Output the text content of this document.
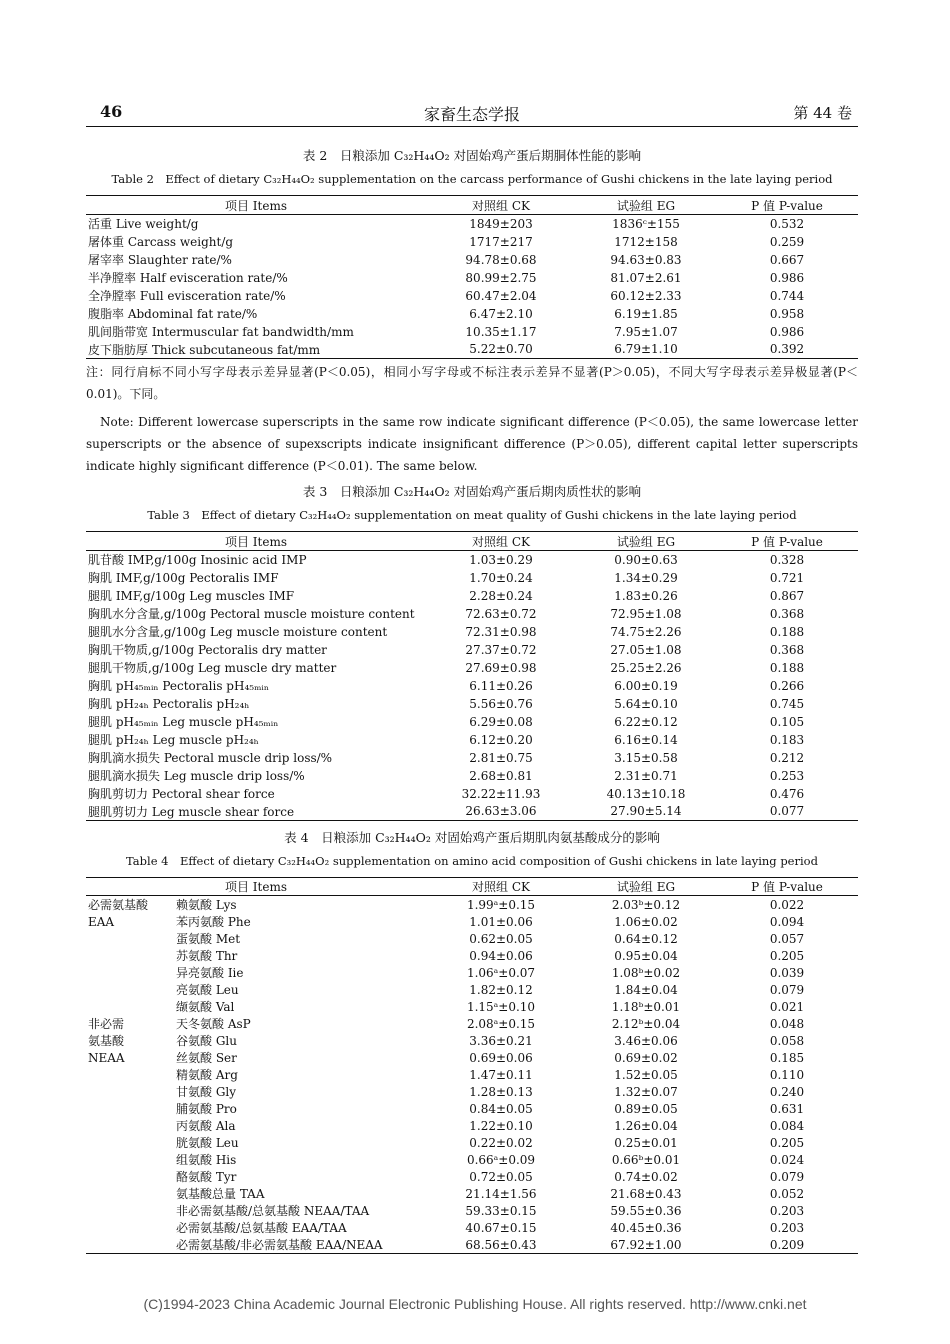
46	家畜生态学报	第 44 卷
表 2　日粮添加 C₃₂H₄₄O₂ 对固始鸡产蛋后期胴体性能的影响
Table 2　Effect of dietary C₃₂H₄₄O₂ supplementation on the carcass performance of Gushi chickens in the late laying period
项目 Items	对照组 CK	试验组 EG	P 值 P-value
活重 Live weight/g	1849±203	1836ᶜ±155	0.532
屠体重 Carcass weight/g	1717±217	1712±158	0.259
屠宰率 Slaughter rate/%	94.78±0.68	94.63±0.83	0.667
半净膛率 Half evisceration rate/%	80.99±2.75	81.07±2.61	0.986
全净膛率 Full evisceration rate/%	60.47±2.04	60.12±2.33	0.744
腹脂率 Abdominal fat rate/%	6.47±2.10	6.19±1.85	0.958
肌间脂带宽 Intermuscular fat bandwidth/mm	10.35±1.17	7.95±1.07	0.986
皮下脂肪厚 Thick subcutaneous fat/mm	5.22±0.70	6.79±1.10	0.392

注：同行肩标不同小写字母表示差异显著(P＜0.05)，相同小写字母或不标注表示差异不显著(P＞0.05)，不同大写字母表示差异极显著(P＜0.01)。下同。

Note: Different lowercase superscripts in the same row indicate significant difference (P＜0.05), the same lowercase letter superscripts or the absence of supexscripts indicate insignificant difference (P＞0.05), different capital letter superscripts indicate highly significant difference (P＜0.01). The same below.

表 3　日粮添加 C₃₂H₄₄O₂ 对固始鸡产蛋后期肉质性状的影响
Table 3　Effect of dietary C₃₂H₄₄O₂ supplementation on meat quality of Gushi chickens in the late laying period
项目 Items	对照组 CK	试验组 EG	P 值 P-value
肌苷酸 IMP,g/100g Inosinic acid IMP	1.03±0.29	0.90±0.63	0.328
胸肌 IMF,g/100g Pectoralis IMF	1.70±0.24	1.34±0.29	0.721
腿肌 IMF,g/100g Leg muscles IMF	2.28±0.24	1.83±0.26	0.867
胸肌水分含量,g/100g Pectoral muscle moisture content	72.63±0.72	72.95±1.08	0.368
腿肌水分含量,g/100g Leg muscle moisture content	72.31±0.98	74.75±2.26	0.188
胸肌干物质,g/100g Pectoralis dry matter	27.37±0.72	27.05±1.08	0.368
腿肌干物质,g/100g Leg muscle dry matter	27.69±0.98	25.25±2.26	0.188
胸肌 pH₄₅ₘᵢₙ Pectoralis pH₄₅ₘᵢₙ	6.11±0.26	6.00±0.19	0.266
胸肌 pH₂₄ₕ Pectoralis pH₂₄ₕ	5.56±0.76	5.64±0.10	0.745
腿肌 pH₄₅ₘᵢₙ Leg muscle pH₄₅ₘᵢₙ	6.29±0.08	6.22±0.12	0.105
腿肌 pH₂₄ₕ Leg muscle pH₂₄ₕ	6.12±0.20	6.16±0.14	0.183
胸肌滴水损失 Pectoral muscle drip loss/%	2.81±0.75	3.15±0.58	0.212
腿肌滴水损失 Leg muscle drip loss/%	2.68±0.81	2.31±0.71	0.253
胸肌剪切力 Pectoral shear force	32.22±11.93	40.13±10.18	0.476
腿肌剪切力 Leg muscle shear force	26.63±3.06	27.90±5.14	0.077
表 4　日粮添加 C₃₂H₄₄O₂ 对固始鸡产蛋后期肌肉氨基酸成分的影响
Table 4　Effect of dietary C₃₂H₄₄O₂ supplementation on amino acid composition of Gushi chickens in late laying period
项目 Items		对照组 CK	试验组 EG	P 值 P-value
必需氨基酸	赖氨酸 Lys	1.99ᵃ±0.15	2.03ᵇ±0.12	0.022
EAA	苯丙氨酸 Phe	1.01±0.06	1.06±0.02	0.094
	蛋氨酸 Met	0.62±0.05	0.64±0.12	0.057
	苏氨酸 Thr	0.94±0.06	0.95±0.04	0.205
	异亮氨酸 Iie	1.06ᵃ±0.07	1.08ᵇ±0.02	0.039
	亮氨酸 Leu	1.82±0.12	1.84±0.04	0.079
	缬氨酸 Val	1.15ᵃ±0.10	1.18ᵇ±0.01	0.021
非必需	天冬氨酸 AsP	2.08ᵃ±0.15	2.12ᵇ±0.04	0.048
氨基酸	谷氨酸 Glu	3.36±0.21	3.46±0.06	0.058
NEAA	丝氨酸 Ser	0.69±0.06	0.69±0.02	0.185
	精氨酸 Arg	1.47±0.11	1.52±0.05	0.110
	甘氨酸 Gly	1.28±0.13	1.32±0.07	0.240
	脯氨酸 Pro	0.84±0.05	0.89±0.05	0.631
	丙氨酸 Ala	1.22±0.10	1.26±0.04	0.084
	胱氨酸 Leu	0.22±0.02	0.25±0.01	0.205
	组氨酸 His	0.66ᵃ±0.09	0.66ᵇ±0.01	0.024
	酪氨酸 Tyr	0.72±0.05	0.74±0.02	0.079
	氨基酸总量 TAA	21.14±1.56	21.68±0.43	0.052
	非必需氨基酸/总氨基酸 NEAA/TAA	59.33±0.15	59.55±0.36	0.203
	必需氨基酸/总氨基酸 EAA/TAA	40.67±0.15	40.45±0.36	0.203
	必需氨基酸/非必需氨基酸 EAA/NEAA	68.56±0.43	67.92±1.00	0.209
(C)1994-2023 China Academic Journal Electronic Publishing House. All rights reserved. http://www.cnki.net
